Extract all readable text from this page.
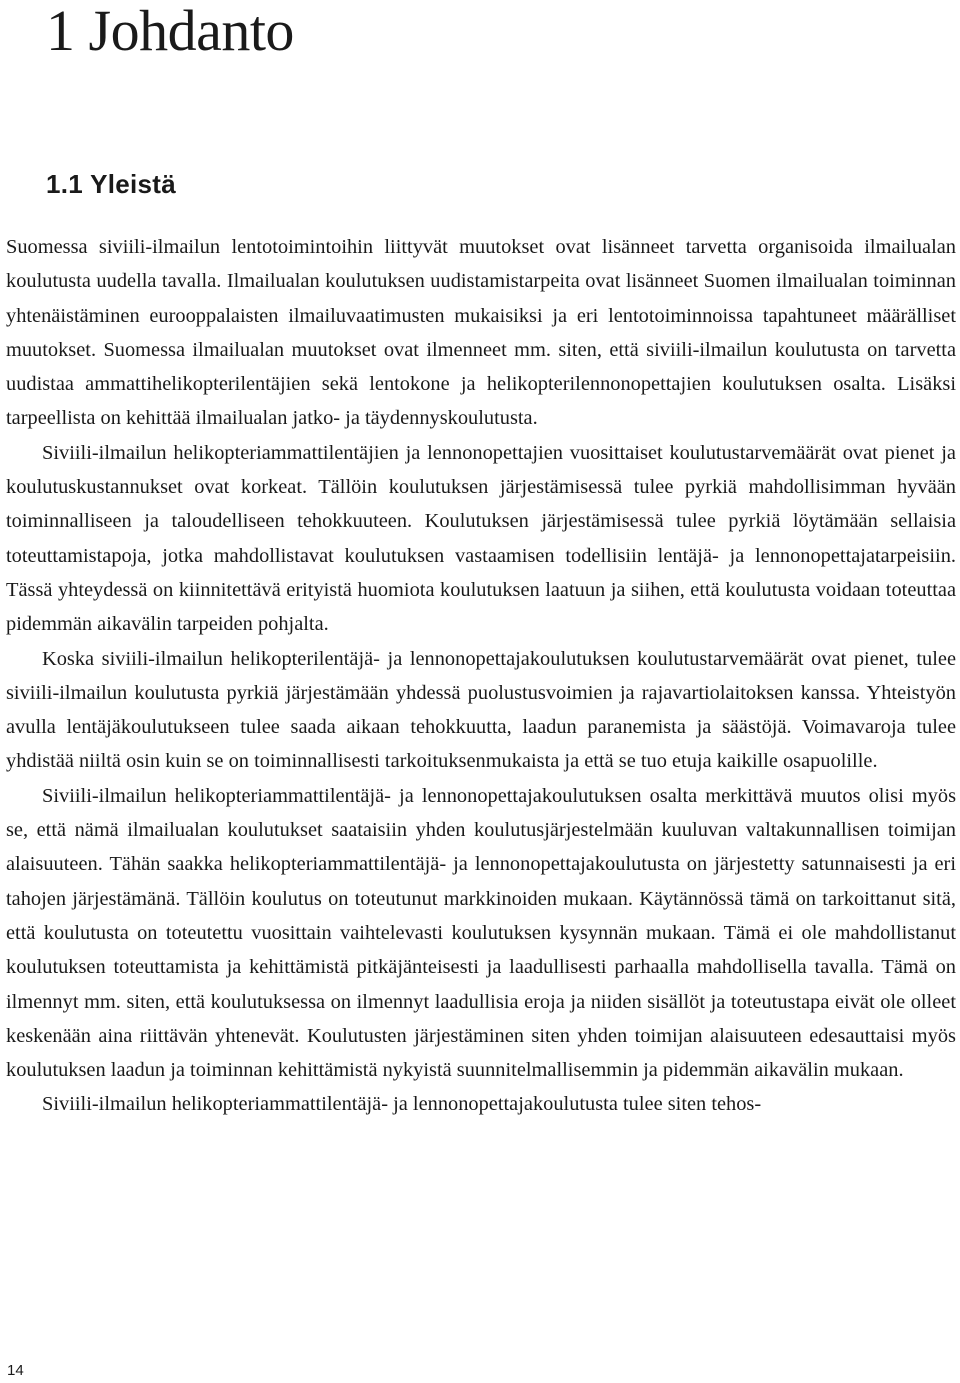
1 Johdanto
1.1 Yleistä

Suomessa siviili-ilmailun lentotoimintoihin liittyvät muutokset ovat lisänneet tarvetta organisoida ilmailualan koulutusta uudella tavalla. Ilmailualan koulutuksen uudistamistarpeita ovat lisänneet Suomen ilmailualan toiminnan yhtenäistäminen eurooppalaisten ilmailuvaatimusten mukaisiksi ja eri lentotoiminnoissa tapahtuneet määrälliset muutokset. Suomessa ilmailualan muutokset ovat ilmenneet mm. siten, että siviili-ilmailun koulutusta on tarvetta uudistaa ammattihelikopterilentäjien sekä lentokone ja helikopterilennonopettajien koulutuksen osalta. Lisäksi tarpeellista on kehittää ilmailualan jatko- ja täydennyskoulutusta.

Siviili-ilmailun helikopteriammattilentäjien ja lennonopettajien vuosittaiset koulutustarvemäärät ovat pienet ja koulutuskustannukset ovat korkeat. Tällöin koulutuksen järjestämisessä tulee pyrkiä mahdollisimman hyvään toiminnalliseen ja taloudelliseen tehokkuuteen. Koulutuksen järjestämisessä tulee pyrkiä löytämään sellaisia toteuttamistapoja, jotka mahdollistavat koulutuksen vastaamisen todellisiin lentäjä- ja lennonopettajatarpeisiin. Tässä yhteydessä on kiinnitettävä erityistä huomiota koulutuksen laatuun ja siihen, että koulutusta voidaan toteuttaa pidemmän aikavälin tarpeiden pohjalta.

Koska siviili-ilmailun helikopterilentäjä- ja lennonopettajakoulutuksen koulutustarvemäärät ovat pienet, tulee siviili-ilmailun koulutusta pyrkiä järjestämään yhdessä puolustusvoimien ja rajavartiolaitoksen kanssa. Yhteistyön avulla lentäjäkoulutukseen tulee saada aikaan tehokkuutta, laadun paranemista ja säästöjä. Voimavaroja tulee yhdistää niiltä osin kuin se on toiminnallisesti tarkoituksenmukaista ja että se tuo etuja kaikille osapuolille.

Siviili-ilmailun helikopteriammattilentäjä- ja lennonopettajakoulutuksen osalta merkittävä muutos olisi myös se, että nämä ilmailualan koulutukset saataisiin yhden koulutusjärjestelmään kuuluvan valtakunnallisen toimijan alaisuuteen. Tähän saakka helikopteriammattilentäjä- ja lennonopettajakoulutusta on järjestetty satunnaisesti ja eri tahojen järjestämänä. Tällöin koulutus on toteutunut markkinoiden mukaan. Käytännössä tämä on tarkoittanut sitä, että koulutusta on toteutettu vuosittain vaihtelevasti koulutuksen kysynnän mukaan. Tämä ei ole mahdollistanut koulutuksen toteuttamista ja kehittämistä pitkäjänteisesti ja laadullisesti parhaalla mahdollisella tavalla. Tämä on ilmennyt mm. siten, että koulutuksessa on ilmennyt laadullisia eroja ja niiden sisällöt ja toteutustapa eivät ole olleet keskenään aina riittävän yhtenevät. Koulutusten järjestäminen siten yhden toimijan alaisuuteen edesauttaisi myös koulutuksen laadun ja toiminnan kehittämistä nykyistä suunnitelmallisemmin ja pidemmän aikavälin mukaan.

Siviili-ilmailun helikopteriammattilentäjä- ja lennonopettajakoulutusta tulee siten tehos-

14
